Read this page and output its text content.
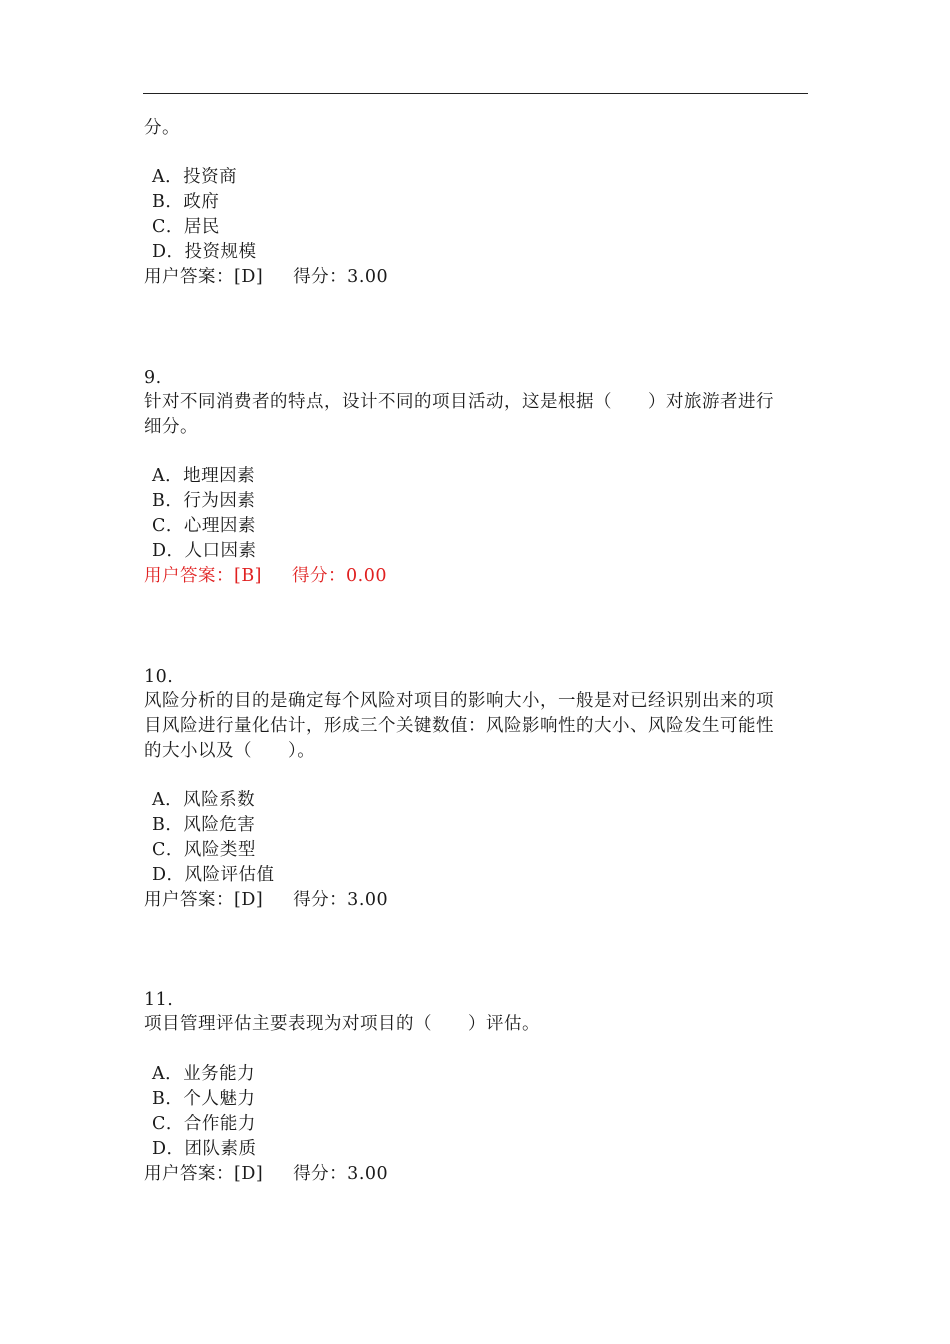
分。
A．投资商
B．政府
C．居民
D．投资规模
用户答案：[D] 得分：3.00
9.
针对不同消费者的特点，设计不同的项目活动，这是根据（　　）对旅游者进行
细分。
A．地理因素
B．行为因素
C．心理因素
D．人口因素
用户答案：[B] 得分：0.00
10.
风险分析的目的是确定每个风险对项目的影响大小，一般是对已经识别出来的项
目风险进行量化估计，形成三个关键数值：风险影响性的大小、风险发生可能性
的大小以及（　　）。
A．风险系数
B．风险危害
C．风险类型
D．风险评估值
用户答案：[D] 得分：3.00
11.
项目管理评估主要表现为对项目的（　　）评估。
A．业务能力
B．个人魅力
C．合作能力
D．团队素质
用户答案：[D] 得分：3.00
